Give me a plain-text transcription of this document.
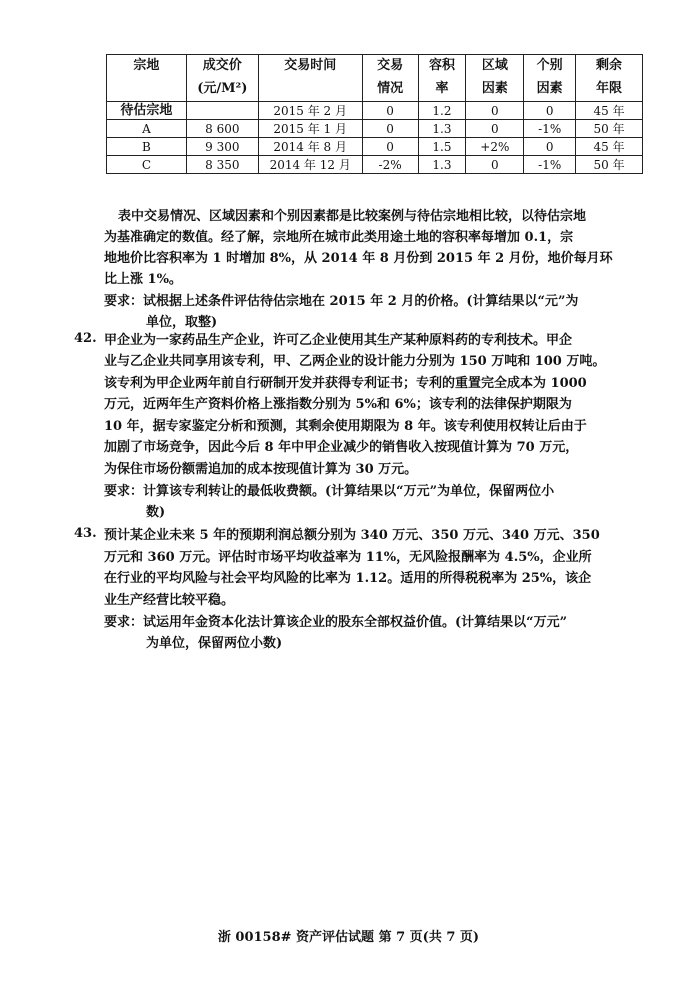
宗地	成交价	交易时间	交易	容积	区域	个别	剩余
	(元/M²)		情况	率	因素	因素	年限
待估宗地		2015 年 2 月	0	1.2	0	0	45 年
A	8 600	2015 年 1 月	0	1.3	0	-1%	50 年
B	9 300	2014 年 8 月	0	1.5	+2%	0	45 年
C	8 350	2014 年 12 月	-2%	1.3	0	-1%	50 年
表中交易情况、区域因素和个别因素都是比较案例与待估宗地相比较，以待估宗地
为基准确定的数值。经了解，宗地所在城市此类用途土地的容积率每增加 0.1，宗
地地价比容积率为 1 时增加 8%，从 2014 年 8 月份到 2015 年 2 月份，地价每月环
比上涨 1%。
要求：试根据上述条件评估待估宗地在 2015 年 2 月的价格。(计算结果以“元”为
单位，取整)
42. 甲企业为一家药品生产企业，许可乙企业使用其生产某种原料药的专利技术。甲企
业与乙企业共同享用该专利，甲、乙两企业的设计能力分别为 150 万吨和 100 万吨。
该专利为甲企业两年前自行研制开发并获得专利证书；专利的重置完全成本为 1000
万元，近两年生产资料价格上涨指数分别为 5%和 6%；该专利的法律保护期限为
10 年，据专家鉴定分析和预测，其剩余使用期限为 8 年。该专利使用权转让后由于
加剧了市场竞争，因此今后 8 年中甲企业减少的销售收入按现值计算为 70 万元，
为保住市场份额需追加的成本按现值计算为 30 万元。
要求：计算该专利转让的最低收费额。(计算结果以“万元”为单位，保留两位小
数)
43. 预计某企业未来 5 年的预期利润总额分别为 340 万元、350 万元、340 万元、350
万元和 360 万元。评估时市场平均收益率为 11%，无风险报酬率为 4.5%，企业所
在行业的平均风险与社会平均风险的比率为 1.12。适用的所得税税率为 25%，该企
业生产经营比较平稳。
要求：试运用年金资本化法计算该企业的股东全部权益价值。(计算结果以“万元”
为单位，保留两位小数)
浙 00158# 资产评估试题 第 7 页(共 7 页)
